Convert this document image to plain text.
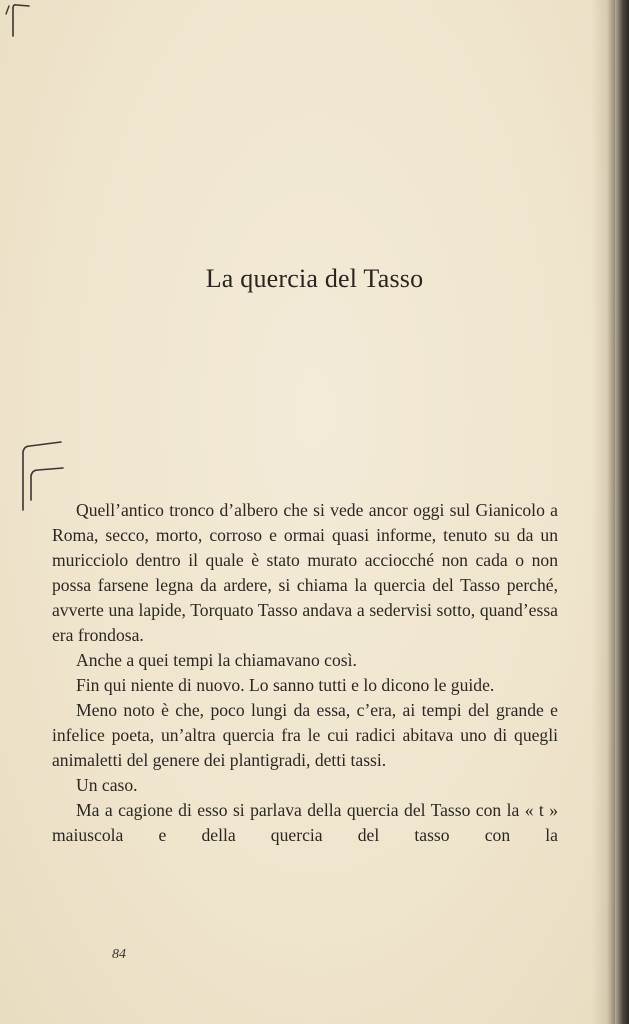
La quercia del Tasso

Quell’antico tronco d’albero che si vede ancor oggi sul Gianicolo a Roma, secco, morto, corroso e ormai quasi informe, tenuto su da un muricciolo dentro il quale è stato murato acciocché non cada o non possa farsene legna da ardere, si chiama la quercia del Tasso perché, avverte una lapide, Torquato Tasso andava a sedervisi sotto, quand’essa era frondosa.

Anche a quei tempi la chiamavano così.

Fin qui niente di nuovo. Lo sanno tutti e lo dicono le guide.

Meno noto è che, poco lungi da essa, c’era, ai tempi del grande e infelice poeta, un’altra quercia fra le cui radici abitava uno di quegli animaletti del genere dei plantigradi, detti tassi.

Un caso.

Ma a cagione di esso si parlava della quercia del Tasso con la « t » maiuscola e della quercia del tasso con la

84
